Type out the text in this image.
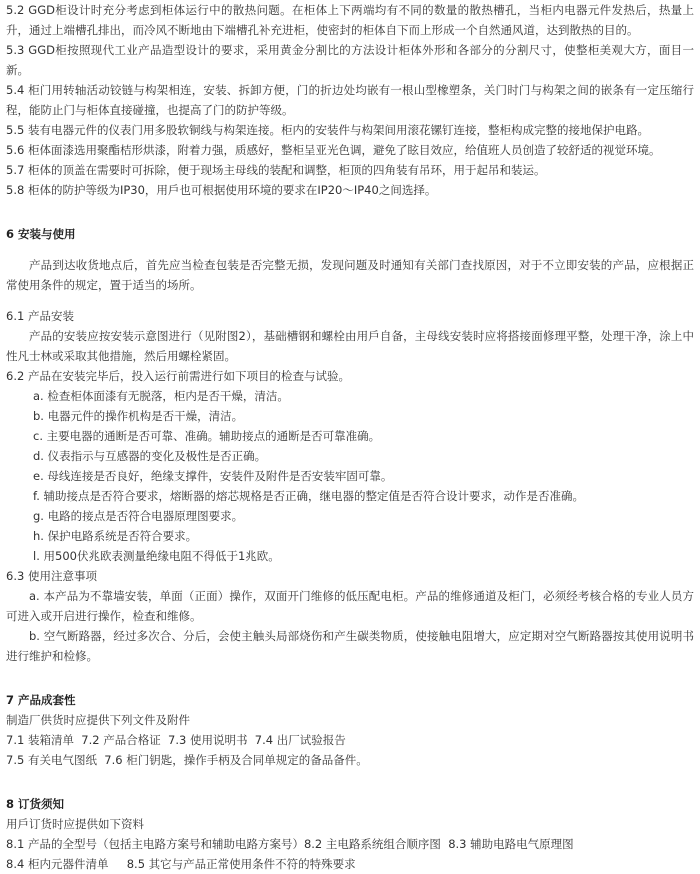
5.2 GGD柜设计时充分考虑到柜体运行中的散热问题。在柜体上下两端均有不同的数量的散热槽孔，当柜内电器元件发热后，热量上升，通过上端槽孔排出，而冷风不断地由下端槽孔补充进柜，使密封的柜体自下而上形成一个自然通风道，达到散热的目的。

5.3 GGD柜按照现代工业产品造型设计的要求，采用黄金分割比的方法设计柜体外形和各部分的分割尺寸，使整柜美观大方，面目一新。

5.4 柜门用转轴活动铰链与构架相连，安装、拆卸方便，门的折边处均嵌有一根山型橡塑条，关门时门与构架之间的嵌条有一定压缩行程，能防止门与柜体直接碰撞，也提高了门的防护等级。

5.5 装有电器元件的仪表门用多股软铜线与构架连接。柜内的安装件与构架间用滚花镙钉连接，整柜构成完整的接地保护电路。

5.6 柜体面漆选用聚酯桔形烘漆，附着力强，质感好，整柜呈亚光色调，避免了眩目效应，给值班人员创造了较舒适的视觉环境。

5.7 柜体的顶盖在需要时可拆除，便于现场主母线的装配和调整，柜顶的四角装有吊环，用于起吊和装运。

5.8 柜体的防护等级为IP30，用戶也可根据使用环境的要求在IP20～IP40之间选择。

6 安装与使用

产品到达收货地点后，首先应当检查包装是否完整无损，发现问题及时通知有关部门查找原因，对于不立即安装的产品，应根据正常使用条件的规定，置于适当的场所。

6.1 产品安装

产品的安装应按安装示意图进行（见附图2），基础槽钢和螺栓由用戶自备，主母线安装时应将搭接面修理平整，处理干净，涂上中性凡士林或采取其他措施，然后用螺栓紧固。

6.2 产品在安装完毕后，投入运行前需进行如下项目的检查与试验。

a. 检查柜体面漆有无脱落，柜内是否干燥，清洁。

b. 电器元件的操作机构是否干燥，清洁。

c. 主要电器的通断是否可靠、准确。辅助接点的通断是否可靠准确。

d. 仪表指示与互感器的变化及极性是否正确。

e. 母线连接是否良好，绝缘支撑件，安装件及附件是否安装牢固可靠。

f. 辅助接点是否符合要求，熔断器的熔芯规格是否正确，继电器的整定值是否符合设计要求，动作是否准确。

g. 电路的接点是否符合电器原理图要求。

h. 保护电路系统是否符合要求。

l. 用500伏兆欧表测量绝缘电阻不得低于1兆欧。

6.3 使用注意事项

a. 本产品为不靠墙安装，单面（正面）操作，双面开门维修的低压配电柜。产品的维修通道及柜门，必须经考核合格的专业人员方可进入或开启进行操作，检查和维修。

b. 空气断路器，经过多次合、分后，会使主触头局部烧伤和产生碳类物质，使接触电阻增大，应定期对空气断路器按其使用说明书进行维护和检修。

7 产品成套性

制造厂供货时应提供下列文件及附件

7.1 装箱清单  7.2 产品合格证  7.3 使用说明书  7.4 出厂试验报告

7.5 有关电气图纸  7.6 柜门钥匙，操作手柄及合同单规定的备品备件。

8 订货须知

用戶订货时应提供如下资料

8.1 产品的全型号（包括主电路方案号和辅助电路方案号）8.2 主电路系统组合顺序图  8.3 辅助电路电气原理图

8.4 柜内元器件清单     8.5 其它与产品正常使用条件不符的特殊要求
